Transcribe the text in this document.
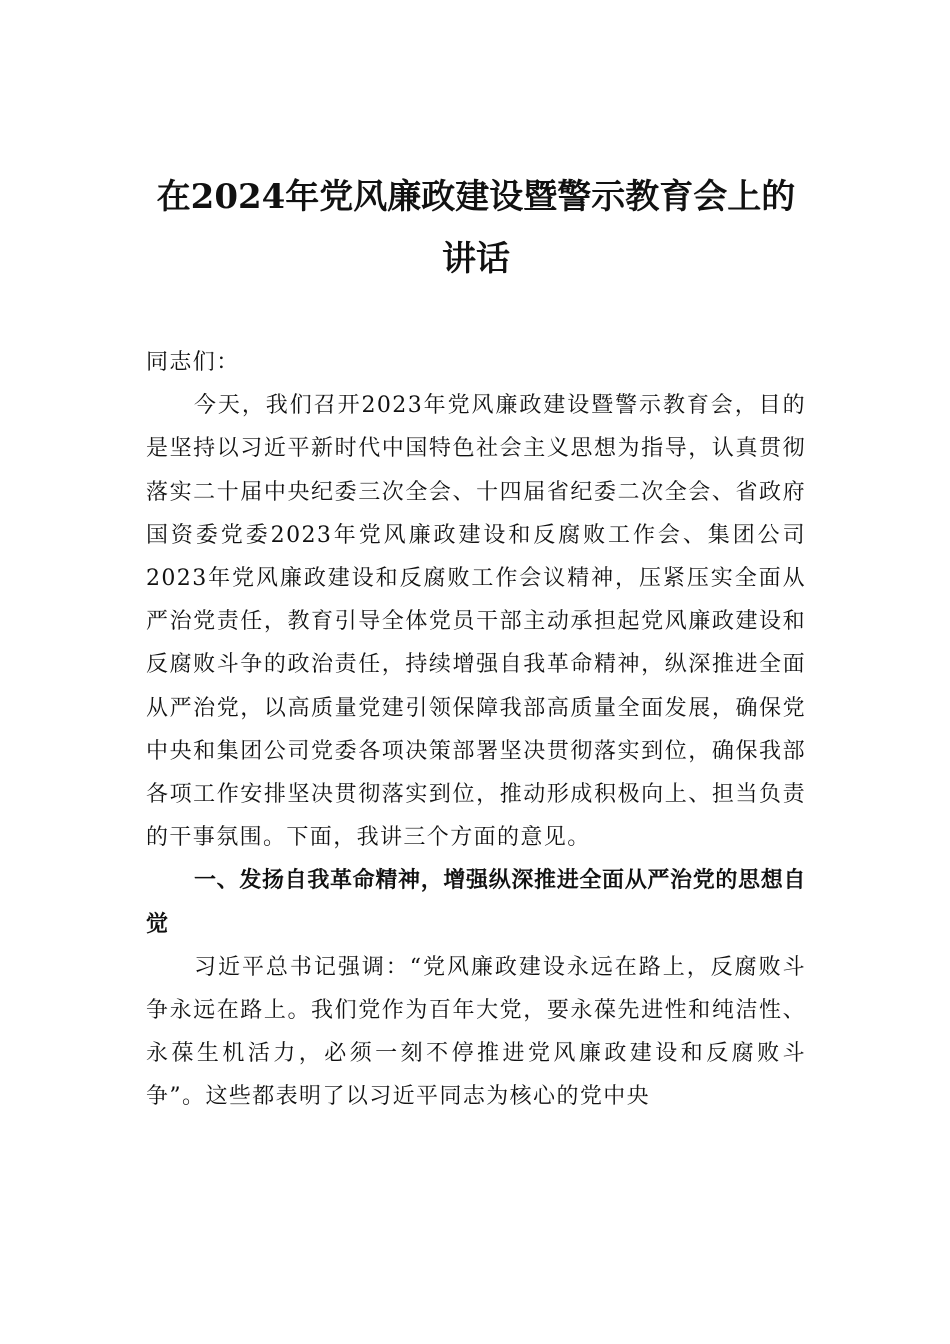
在2024年党风廉政建设暨警示教育会上的讲话

同志们：

今天，我们召开2023年党风廉政建设暨警示教育会，目的是坚持以习近平新时代中国特色社会主义思想为指导，认真贯彻落实二十届中央纪委三次全会、十四届省纪委二次全会、省政府国资委党委2023年党风廉政建设和反腐败工作会、集团公司2023年党风廉政建设和反腐败工作会议精神，压紧压实全面从严治党责任，教育引导全体党员干部主动承担起党风廉政建设和反腐败斗争的政治责任，持续增强自我革命精神，纵深推进全面从严治党，以高质量党建引领保障我部高质量全面发展，确保党中央和集团公司党委各项决策部署坚决贯彻落实到位，确保我部各项工作安排坚决贯彻落实到位，推动形成积极向上、担当负责的干事氛围。下面，我讲三个方面的意见。

一、发扬自我革命精神，增强纵深推进全面从严治党的思想自觉

习近平总书记强调：“党风廉政建设永远在路上，反腐败斗争永远在路上。我们党作为百年大党，要永葆先进性和纯洁性、永葆生机活力，必须一刻不停推进党风廉政建设和反腐败斗争”。这些都表明了以习近平同志为核心的党中央
